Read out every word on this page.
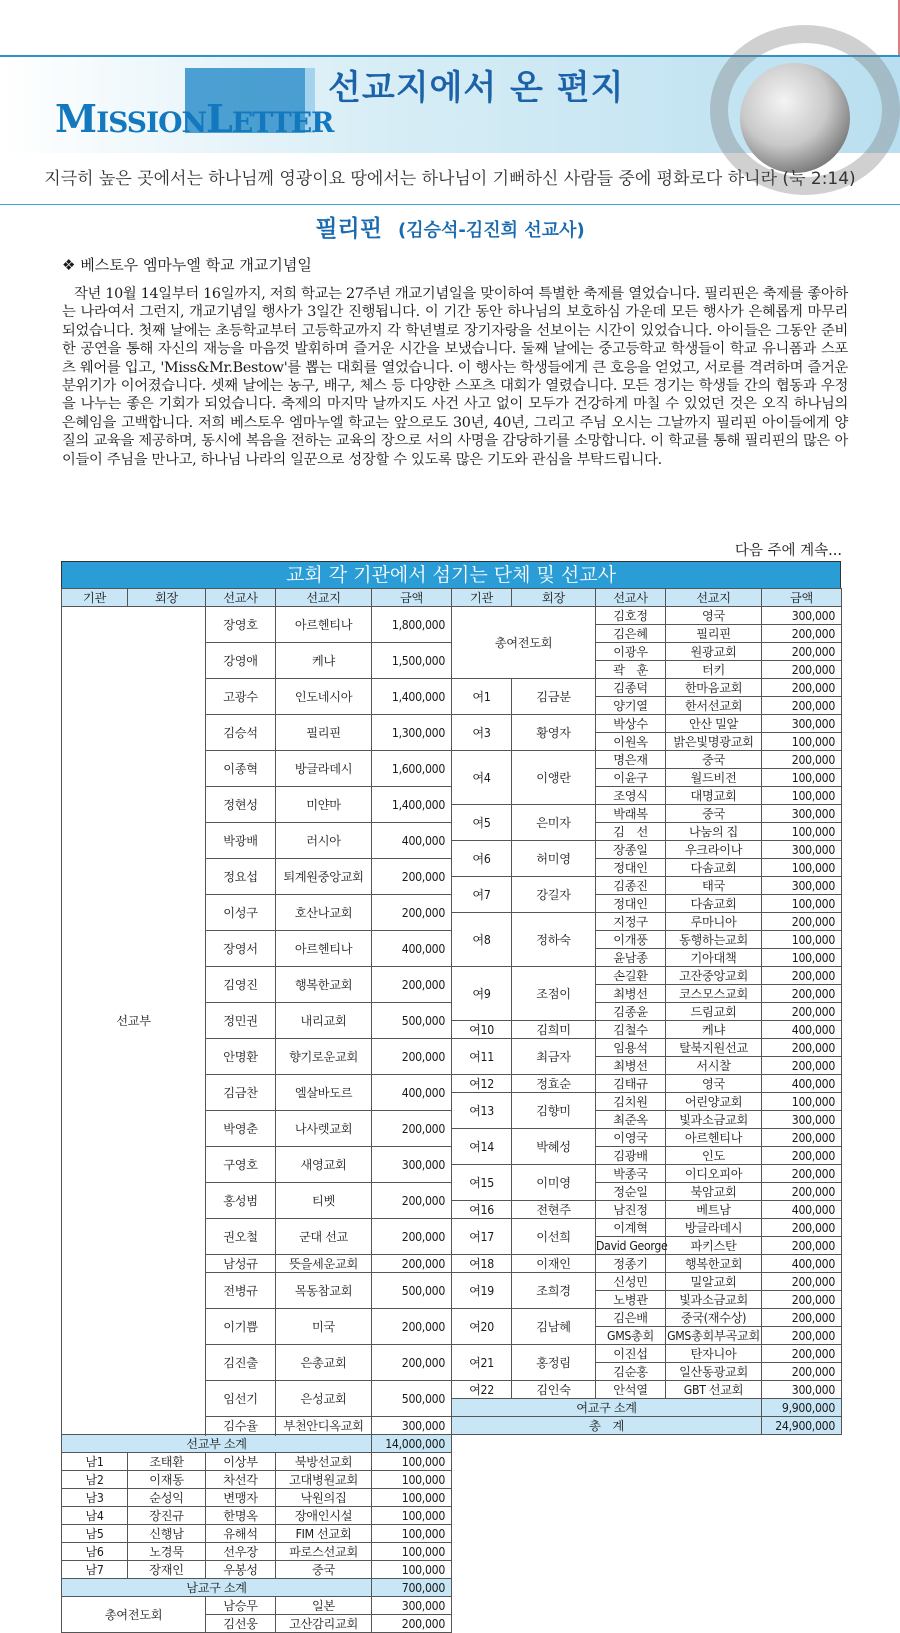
MISSIONLETTER
선교지에서 온 편지
지극히 높은 곳에서는 하나님께 영광이요 땅에서는 하나님이 기뻐하신 사람들 중에 평화로다 하니라 (눅 2:14)
필리핀 (김승석-김진희 선교사)
❖ 베스토우 엠마누엘 학교 개교기념일

작년 10월 14일부터 16일까지, 저희 학교는 27주년 개교기념일을 맞이하여 특별한 축제를 열었습니다. 필리핀은 축제를 좋아하는 나라여서 그런지, 개교기념일 행사가 3일간 진행됩니다. 이 기간 동안 하나님의 보호하심 가운데 모든 행사가 은혜롭게 마무리되었습니다. 첫째 날에는 초등학교부터 고등학교까지 각 학년별로 장기자랑을 선보이는 시간이 있었습니다. 아이들은 그동안 준비한 공연을 통해 자신의 재능을 마음껏 발휘하며 즐거운 시간을 보냈습니다. 둘째 날에는 중고등학교 학생들이 학교 유니폼과 스포츠 웨어를 입고, 'Miss&Mr.Bestow'를 뽑는 대회를 열었습니다. 이 행사는 학생들에게 큰 호응을 얻었고, 서로를 격려하며 즐거운 분위기가 이어졌습니다. 셋째 날에는 농구, 배구, 체스 등 다양한 스포츠 대회가 열렸습니다. 모든 경기는 학생들 간의 협동과 우정을 나누는 좋은 기회가 되었습니다. 축제의 마지막 날까지도 사건 사고 없이 모두가 건강하게 마칠 수 있었던 것은 오직 하나님의 은혜임을 고백합니다. 저희 베스토우 엠마누엘 학교는 앞으로도 30년, 40년, 그리고 주님 오시는 그날까지 필리핀 아이들에게 양질의 교육을 제공하며, 동시에 복음을 전하는 교육의 장으로 서의 사명을 감당하기를 소망합니다. 이 학교를 통해 필리핀의 많은 아이들이 주님을 만나고, 하나님 나라의 일꾼으로 성장할 수 있도록 많은 기도와 관심을 부탁드립니다.

다음 주에 계속...
교회 각 기관에서 섬기는 단체 및 선교사
기관	회장	선교사	선교지	금액	기관	회장	선교사	선교지	금액
선교부		장영호	아르헨티나	1,800,000	총여전도회		김호정	영국	300,000
							김은혜	필리핀	200,000
		강영애	케냐	1,500,000			이광우	원광교회	200,000
							곽　훈	터키	200,000
		고광수	인도네시아	1,400,000	여1	김금분	김종덕	한마음교회	200,000
							양기열	한서선교회	200,000
		김승석	필리핀	1,300,000	여3	황영자	박상수	안산 밀알	300,000
							이원옥	밝은빛명광교회	100,000
		이종혁	방글라데시	1,600,000	여4	이앵란	명은재	중국	200,000
							이윤구	월드비전	100,000
		정현성	미얀마	1,400,000			조영식	대명교회	100,000
					여5	은미자	박래복	중국	300,000
		박광배	러시아	400,000			김　선	나눔의 집	100,000
					여6	허미영	장종일	우크라이나	300,000
		정요섭	퇴계원중앙교회	200,000			정대인	다솜교회	100,000
					여7	강길자	김종진	태국	300,000
		이성구	호산나교회	200,000			정대인	다솜교회	100,000
					여8	정하숙	지정구	루마니아	200,000
		장영서	아르헨티나	400,000			이개풍	동행하는교회	100,000
							윤남종	기아대책	100,000
		김영진	행복한교회	200,000	여9	조점이	손길환	고잔중앙교회	200,000
							최병선	코스모스교회	200,000
		정민권	내리교회	500,000			김종윤	드림교회	200,000
					여10	김희미	김철수	케냐	400,000
		안명환	향기로운교회	200,000	여11	최금자	임용석	탈북지원선교	200,000
							최병선	서시찰	200,000
		김금찬	엘살바도르	400,000	여12	정효순	김태규	영국	400,000
					여13	김향미	김치원	어린양교회	100,000
		박영춘	나사렛교회	200,000			최준옥	빛과소금교회	300,000
					여14	박혜성	이영국	아르헨티나	200,000
		구영호	새영교회	300,000			김광배	인도	200,000
					여15	이미영	박종국	이디오피아	200,000
		홍성범	티벳	200,000			정순일	북암교회	200,000
					여16	전현주	남진정	베트남	400,000
		권오철	군대 선교	200,000	여17	이선희	이계혁	방글라데시	200,000
							David George	파키스탄	200,000
		남성규	뜻을세운교회	200,000	여18	이재인	정종기	행복한교회	400,000

		전병규	목동참교회	500,000	여19	조희경	신성민	밀알교회	200,000
							노병관	빛과소금교회	200,000
		이기쁨	미국	200,000	여20	김남혜	김은배	중국(재수상)	200,000
							GMS총회	GMS총회부곡교회	200,000
		김진출	은총교회	200,000	여21	홍정림	이진섭	탄자니아	200,000
							김순홍	일산동광교회	200,000
		임선기	은성교회	500,000	여22	김인숙	안석열	GBT 선교회	300,000
					여교구 소계				9,900,000
		김수율	부천안디옥교회	300,000	총　계				24,900,000

선교부 소계				14,000,000					
남1	조태환	이상부	북방선교회	100,000					
남2	이재동	차선각	고대병원교회	100,000					
남3	순성익	변맹자	낙원의집	100,000					
남4	장진규	한명옥	장애인시설	100,000					
남5	신행남	유해석	FIM 선교회	100,000					
남6	노경묵	선우장	파로스선교회	100,000					
남7	장재인	우봉성	중국	100,000					
남교구 소계				700,000					
총여전도회		남승무	일본	300,000					

		김선웅	고산감리교회	200,000					
